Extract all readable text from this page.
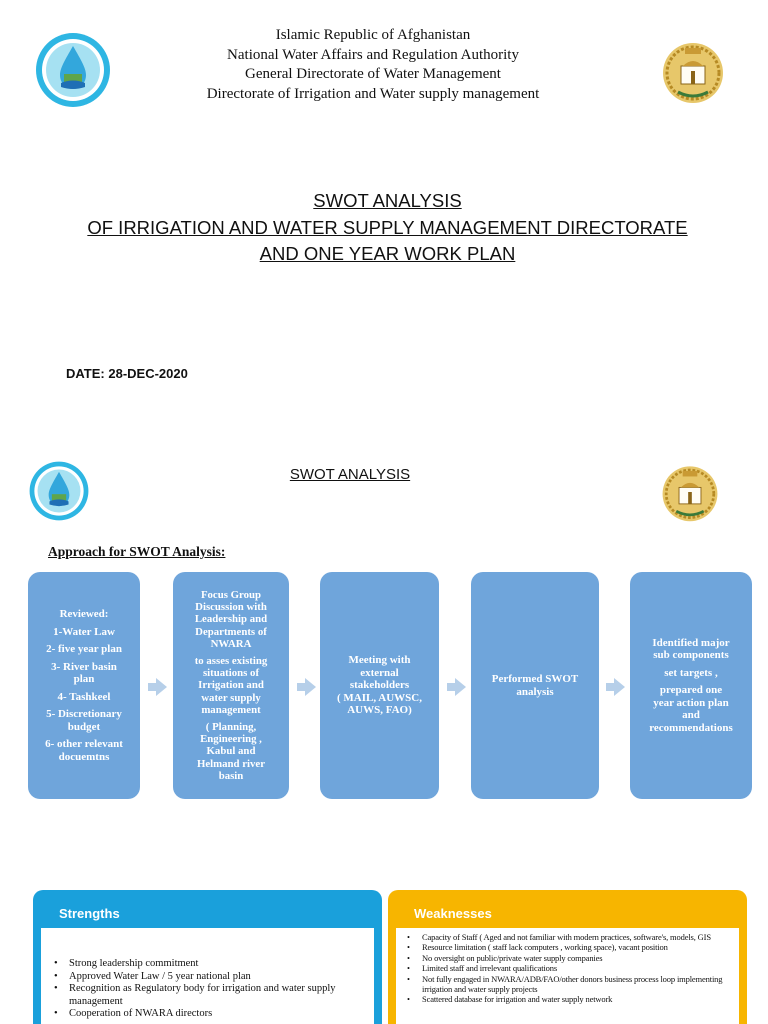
Islamic Republic of Afghanistan
National Water Affairs and Regulation Authority
General Directorate of Water Management
Directorate of Irrigation and Water supply management
SWOT ANALYSIS
OF IRRIGATION AND WATER SUPPLY MANAGEMENT DIRECTORATE
AND ONE YEAR WORK PLAN
DATE: 28-DEC-2020
SWOT ANALYSIS
Approach for SWOT Analysis:
Reviewed:
1-Water Law
2- five year plan
3- River basin
plan
4- Tashkeel
5- Discretionary
budget
6- other relevant
docuemtns
Focus Group
Discussion with
Leadership and
Departments of
NWARA
to asses existing
situations of
Irrigation and
water supply
management
( Planning,
Engineering ,
Kabul and
Helmand river
basin
Meeting with
external
stakeholders
( MAIL, AUWSC,
AUWS, FAO)
Performed SWOT
analysis
Identified major
sub components
set targets ,
prepared one
year action plan
and
recommendations
Strengths
• Strong leadership commitment
• Approved Water Law / 5 year national plan
• Recognition as Regulatory body for irrigation and water supply management
• Cooperation of NWARA directors
Weaknesses
• Capacity of Staff ( Aged and not familiar with modern practices, software's, models, GIS
• Resource limitation ( staff lack computers , working space), vacant position
• No oversight on public/private water supply companies
• Limited staff and irrelevant qualifications
• Not fully engaged in NWARA/ADB/FAO/other donors business process loop implementing irrigation and water supply projects
• Scattered database for irrigation and water supply network
